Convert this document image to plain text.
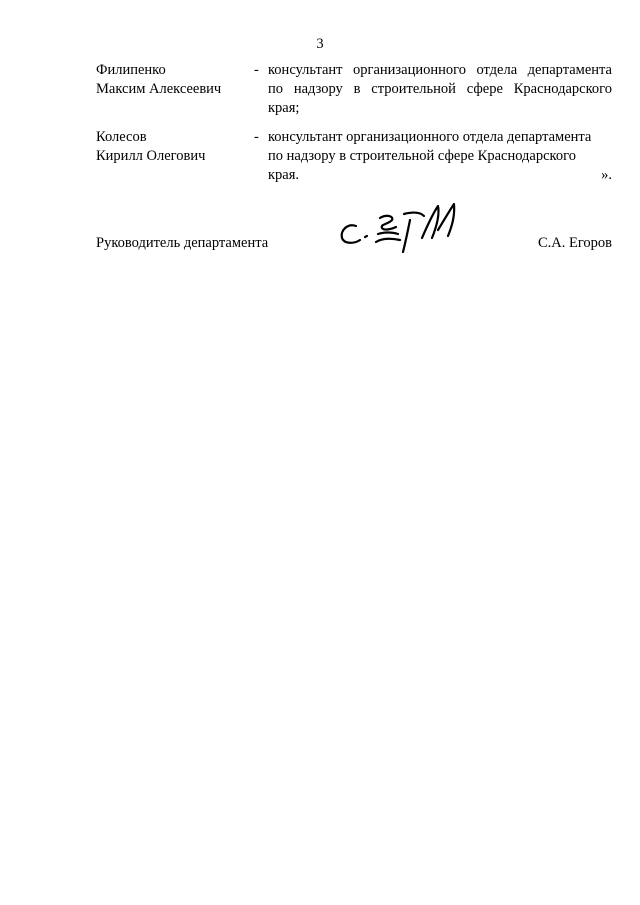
3
Филипенко
Максим Алексеевич
- консультант организационного отдела департамента
по надзору в строительной сфере Краснодарского
края;
Колесов
Кирилл Олегович
- консультант организационного отдела департамента
по надзору в строительной сфере Краснодарского
края.	».
Руководитель департамента	С.А. Егоров
